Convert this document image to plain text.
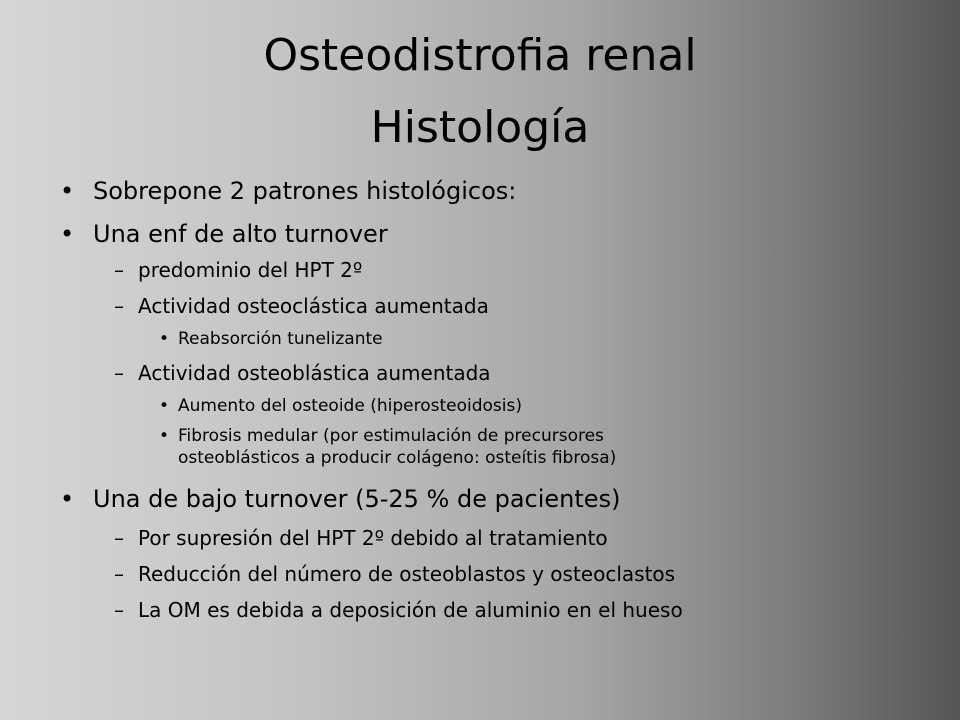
Osteodistrofia renal
Histología
• Sobrepone 2 patrones histológicos:
• Una enf de alto turnover
– predominio del HPT 2º
– Actividad osteoclástica aumentada
• Reabsorción tunelizante
– Actividad osteoblástica aumentada
• Aumento del osteoide (hiperosteoidosis)
• Fibrosis medular (por estimulación de precursores
osteoblásticos a producir colágeno: osteítis fibrosa)
• Una de bajo turnover (5-25 % de pacientes)
– Por supresión del HPT 2º debido al tratamiento
– Reducción del número de osteoblastos y osteoclastos
– La OM es debida a deposición de aluminio en el hueso
